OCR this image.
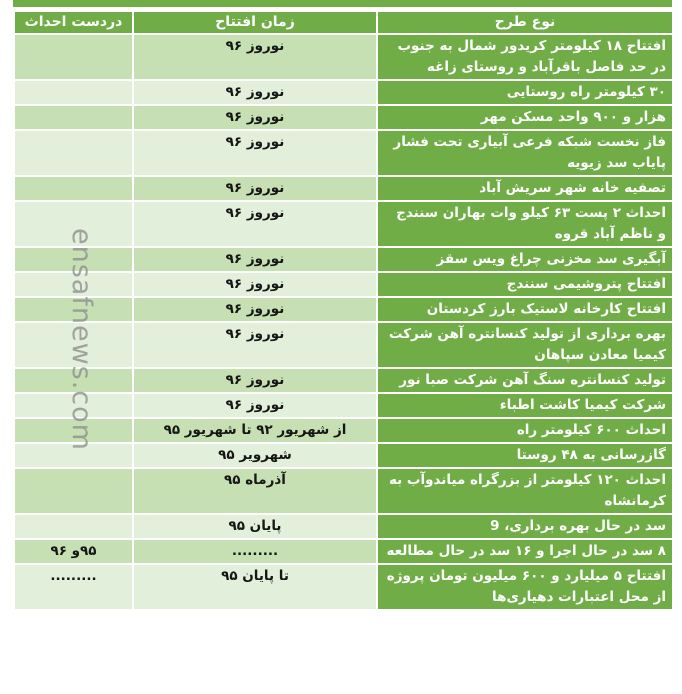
ensafnews.com
نوع طرح	زمان افتتاح	دردست احداث
افتتاح ۱۸ کیلومتر کریدور شمال به جنوب در حد فاصل باقرآباد و روستای زاغه	نوروز ۹۶	
۳۰ کیلومتر راه روستایی	نوروز ۹۶	
هزار و ۹۰۰ واحد مسکن مهر	نوروز ۹۶	
فاز نخست شبکه فرعی آبیاری تحت فشار پایاب سد زیویه	نوروز ۹۶	
تصفیه خانه شهر سریش آباد	نوروز ۹۶	
احداث ۲ پست ۶۳ کیلو وات بهاران سنندج و ناظم آباد قروه	نوروز ۹۶	
آبگیری سد مخزنی چراغ ویس سقز	نوروز ۹۶	
افتتاح پتروشیمی سنندج	نوروز ۹۶	
افتتاح کارخانه لاستیک بارز کردستان	نوروز ۹۶	
بهره برداری از تولید کنسانتره آهن شرکت کیمیا معادن سپاهان	نوروز ۹۶	
تولید کنسانتره سنگ آهن شرکت صبا نور	نوروز ۹۶	
شرکت کیمیا کاشت اطباء	نوروز ۹۶	
احداث ۶۰۰ کیلومتر راه	از شهریور ۹۲ تا شهریور ۹۵	
گازرسانی به ۴۸ روستا	شهرویر ۹۵	
احداث ۱۲۰ کیلومتر از بزرگراه میاندوآب به کرمانشاه	آذرماه ۹۵	
سد در حال بهره برداری، 9	پایان ۹۵	
۸ سد در حال اجرا و ۱۶ سد در حال مطالعه	.........	۹۵و ۹۶
افتتاح ۵ میلیارد و ۶۰۰ میلیون تومان پروژه از محل اعتبارات دهیاری‌ها	تا پایان ۹۵	.........
